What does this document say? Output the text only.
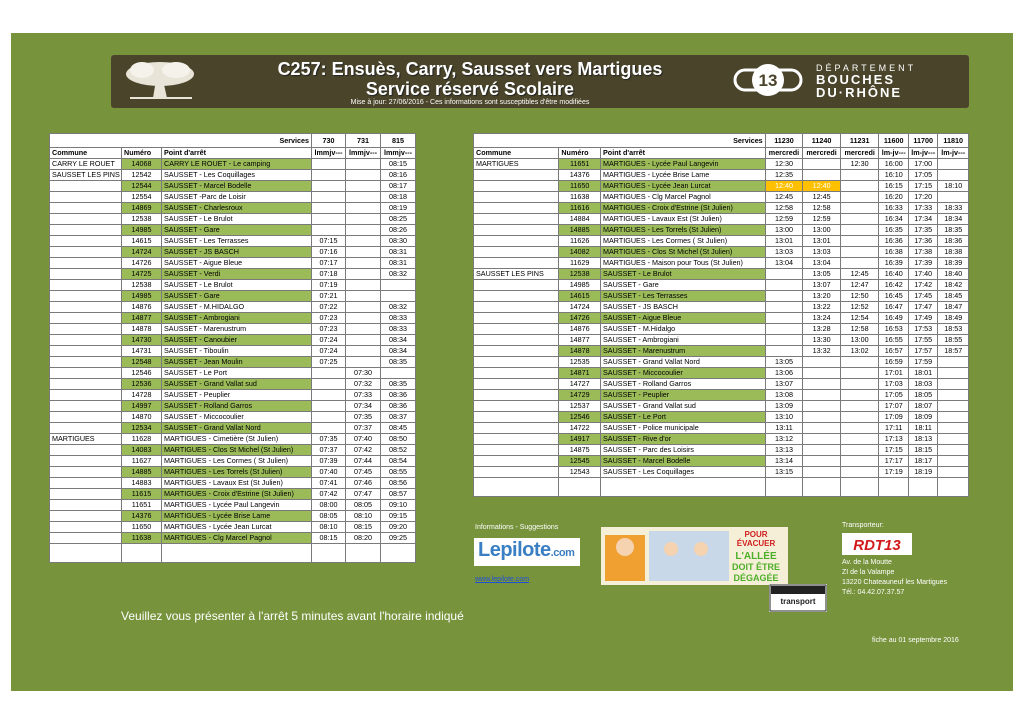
C257: Ensuès, Carry, Sausset vers Martigues
Service réservé Scolaire
Mise à jour: 27/06/2016 - Ces informations sont susceptibles d'être modifiées
13
DÉPARTEMENT
BOUCHES
DU·RHÔNE
Services			730	731	815
Commune	Numéro	Point d'arrêt	lmmjv---	lmmjv---	lmmjv---
CARRY LE ROUET	14068	CARRY LE ROUET - Le camping			08:15
SAUSSET LES PINS	12542	SAUSSET - Les Coquillages			08:16
	12544	SAUSSET - Marcel Bodelle			08:17
	12554	SAUSSET -Parc de Loisir			08:18
	14869	SAUSSET - Charlesroux			08:19
	12538	SAUSSET - Le Brulot			08:25
	14985	SAUSSET - Gare			08:26
	14615	SAUSSET - Les Terrasses	07:15		08:30
	14724	SAUSSET - JS BASCH	07:16		08:31
	14726	SAUSSET - Aigue Bleue	07:17		08:31
	14725	SAUSSET - Verdi	07:18		08:32
	12538	SAUSSET - Le Brulot	07:19		
	14985	SAUSSET - Gare	07:21		
	14876	SAUSSET - M.HIDALGO	07:22		08:32
	14877	SAUSSET - Ambrogiani	07:23		08:33
	14878	SAUSSET - Marenustrum	07:23		08:33
	14730	SAUSSET - Canoubier	07:24		08:34
	14731	SAUSSET - Tiboulin	07:24		08:34
	12548	SAUSSET - Jean Moulin	07:25		08:35
	12546	SAUSSET - Le Port		07:30	
	12536	SAUSSET - Grand Vallat sud		07:32	08:35
	14728	SAUSSET - Peuplier		07:33	08:36
	14997	SAUSSET - Rolland Garros		07:34	08:36
	14870	SAUSSET - Miccocoulier		07:35	08:37
	12534	SAUSSET - Grand Vallat Nord		07:37	08:45
MARTIGUES	11628	MARTIGUES - Cimetière (St Julien)	07:35	07:40	08:50
	14083	MARTIGUES - Clos St Michel (St Julien)	07:37	07:42	08:52
	11627	MARTIGUES - Les Cormes ( St Julien)	07:39	07:44	08:54
	14885	MARTIGUES - Les Torrels (St Julien)	07:40	07:45	08:55
	14883	MARTIGUES - Lavaux Est (St Julien)	07:41	07:46	08:56
	11615	MARTIGUES - Croix d'Estrine (St Julien)	07:42	07:47	08:57
	11651	MARTIGUES - Lycée Paul Langevin	08:00	08:05	09:10
	14376	MARTIGUES - Lycée Brise Lame	08:05	08:10	09:15
	11650	MARTIGUES - Lycée Jean Lurcat	08:10	08:15	09:20
	11638	MARTIGUES - Clg Marcel Pagnol	08:15	08:20	09:25

Services			11230	11240	11231	11600	11700	11810
Commune	Numéro	Point d'arrêt	mercredi	mercredi	mercredi	lm-jv---	lm-jv---	lm-jv---
MARTIGUES	11651	MARTIGUES - Lycée Paul Langevin	12:30		12:30	16:00	17:00	
	14376	MARTIGUES - Lycée Brise Lame	12:35			16:10	17:05	
	11650	MARTIGUES - Lycée Jean Lurcat	12:40	12:40		16:15	17:15	18:10
	11638	MARTIGUES - Clg Marcel Pagnol	12:45	12:45		16:20	17:20	
	11616	MARTIGUES - Croix d'Estrine (St Julien)	12:58	12:58		16:33	17:33	18:33
	14884	MARTIGUES - Lavaux Est (St Julien)	12:59	12:59		16:34	17:34	18:34
	14885	MARTIGUES - Les Torrels (St Julien)	13:00	13:00		16:35	17:35	18:35
	11626	MARTIGUES - Les Cormes ( St Julien)	13:01	13:01		16:36	17:36	18:36
	14082	MARTIGUES - Clos St Michel (St Julien)	13:03	13:03		16:38	17:38	18:38
	11629	MARTIGUES - Maison pour Tous (St Julien)	13:04	13:04		16:39	17:39	18:39
SAUSSET LES PINS	12538	SAUSSET - Le Brulot		13:05	12:45	16:40	17:40	18:40
	14985	SAUSSET - Gare		13:07	12:47	16:42	17:42	18:42
	14615	SAUSSET - Les Terrasses		13:20	12:50	16:45	17:45	18:45
	14724	SAUSSET - JS BASCH		13:22	12:52	16:47	17:47	18:47
	14726	SAUSSET - Aigue Bleue		13:24	12:54	16:49	17:49	18:49
	14876	SAUSSET - M.Hidalgo		13:28	12:58	16:53	17:53	18:53
	14877	SAUSSET - Ambrogiani		13:30	13:00	16:55	17:55	18:55
	14878	SAUSSET - Marenustrum		13:32	13:02	16:57	17:57	18:57
	12535	SAUSSET - Grand Vallat Nord	13:05			16:59	17:59	
	14871	SAUSSET - Miccocoulier	13:06			17:01	18:01	
	14727	SAUSSET - Rolland Garros	13:07			17:03	18:03	
	14729	SAUSSET - Peuplier	13:08			17:05	18:05	
	12537	SAUSSET - Grand Vallat sud	13:09			17:07	18:07	
	12546	SAUSSET - Le Port	13:10			17:09	18:09	
	14722	SAUSSET - Police municipale	13:11			17:11	18:11	
	14917	SAUSSET - Rive d'or	13:12			17:13	18:13	
	14875	SAUSSET - Parc des Loisirs	13:13			17:15	18:15	
	12545	SAUSSET - Marcel Bodelle	13:14			17:17	18:17	
	12543	SAUSSET - Les Coquillages	13:15			17:19	18:19	

Informations - Suggestions
Lepilote.com
www.lepilote.com
POUR
ÉVACUER
L'ALLÉE
DOIT ÊTRE
DÉGAGÉE
transport
Transporteur:
RDT13
Av. de la Moutte
ZI de la Valampe
13220 Chateauneuf les Martigues
Tél.: 04.42.07.37.57
Veuillez vous présenter à l'arrêt 5 minutes avant l'horaire indiqué
fiche au 01 septembre 2016
